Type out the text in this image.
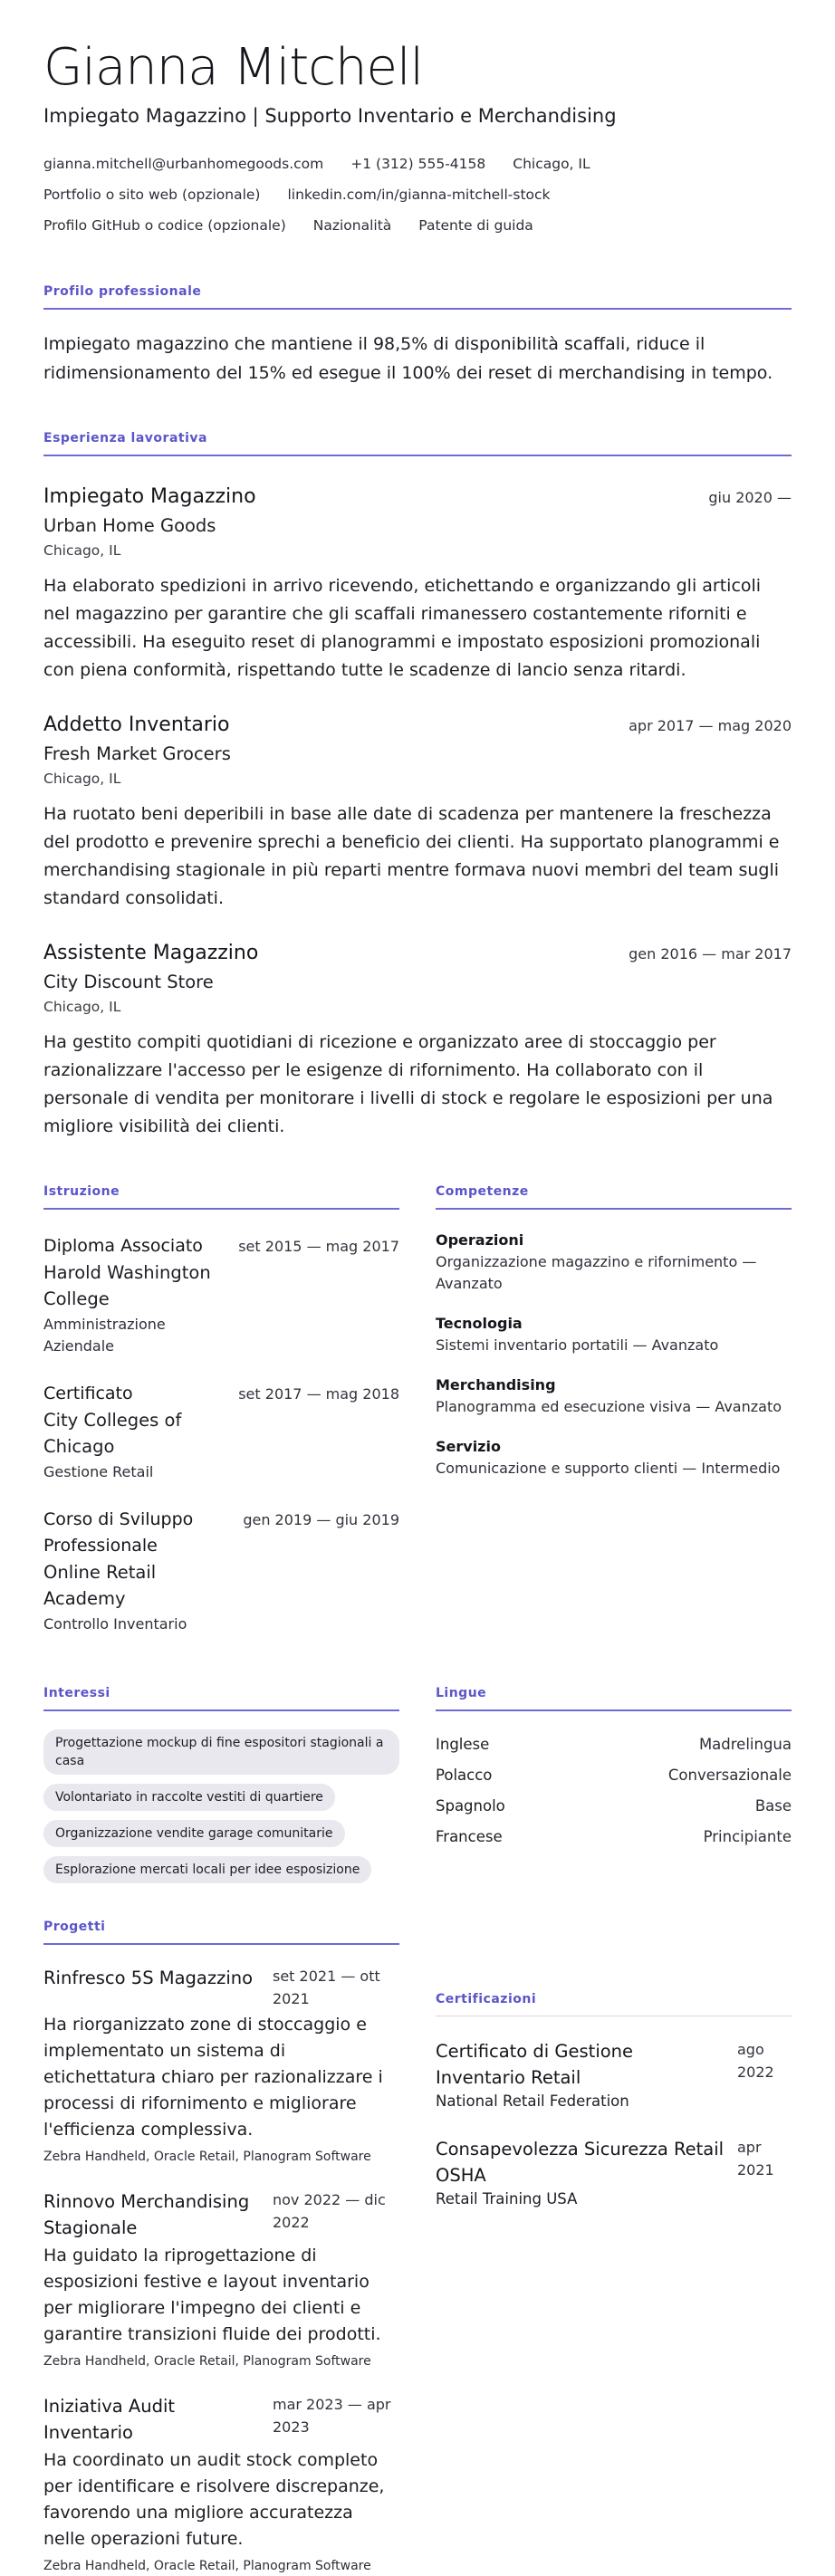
Gianna Mitchell
Impiegato Magazzino | Supporto Inventario e Merchandising
gianna.mitchell@urbanhomegoods.com +1 (312) 555-4158 Chicago, IL
Portfolio o sito web (opzionale) linkedin.com/in/gianna-mitchell-stock
Profilo GitHub o codice (opzionale) Nazionalità Patente di guida
Profilo professionale

Impiegato magazzino che mantiene il 98,5% di disponibilità scaffali, riduce il ridimensionamento del 15% ed esegue il 100% dei reset di merchandising in tempo.

Esperienza lavorativa
Impiegato Magazzino	giu 2020 —
Urban Home Goods
Chicago, IL

Ha elaborato spedizioni in arrivo ricevendo, etichettando e organizzando gli articoli nel magazzino per garantire che gli scaffali rimanessero costantemente riforniti e accessibili. Ha eseguito reset di planogrammi e impostato esposizioni promozionali con piena conformità, rispettando tutte le scadenze di lancio senza ritardi.

Addetto Inventario	apr 2017 — mag 2020
Fresh Market Grocers
Chicago, IL

Ha ruotato beni deperibili in base alle date di scadenza per mantenere la freschezza del prodotto e prevenire sprechi a beneficio dei clienti. Ha supportato planogrammi e merchandising stagionale in più reparti mentre formava nuovi membri del team sugli standard consolidati.

Assistente Magazzino	gen 2016 — mar 2017
City Discount Store
Chicago, IL

Ha gestito compiti quotidiani di ricezione e organizzato aree di stoccaggio per razionalizzare l'accesso per le esigenze di rifornimento. Ha collaborato con il personale di vendita per monitorare i livelli di stock e regolare le esposizioni per una migliore visibilità dei clienti.

Istruzione
Diploma Associato	set 2015 — mag 2017
Harold Washington College
Amministrazione Aziendale
Certificato	set 2017 — mag 2018
City Colleges of Chicago
Gestione Retail
Corso di Sviluppo Professionale
gen 2019 — giu 2019
Online Retail Academy
Controllo Inventario
Competenze
Operazioni
Organizzazione magazzino e rifornimento — Avanzato
Tecnologia
Sistemi inventario portatili — Avanzato
Merchandising
Planogramma ed esecuzione visiva — Avanzato
Servizio
Comunicazione e supporto clienti — Intermedio
Interessi
Progettazione mockup di fine espositori stagionali a casa
Volontariato in raccolte vestiti di quartiere
Organizzazione vendite garage comunitarie
Esplorazione mercati locali per idee esposizione
Lingue
Inglese	Madrelingua
Polacco	Conversazionale
Spagnolo	Base
Francese	Principiante
Progetti
Rinfresco 5S Magazzino	set 2021 — ott 2021

Ha riorganizzato zone di stoccaggio e implementato un sistema di etichettatura chiaro per razionalizzare i processi di rifornimento e migliorare l'efficienza complessiva.

Zebra Handheld, Oracle Retail, Planogram Software
Rinnovo Merchandising Stagionale
nov 2022 — dic 2022

Ha guidato la riprogettazione di esposizioni festive e layout inventario per migliorare l'impegno dei clienti e garantire transizioni fluide dei prodotti.

Zebra Handheld, Oracle Retail, Planogram Software
Iniziativa Audit Inventario
mar 2023 — apr 2023

Ha coordinato un audit stock completo per identificare e risolvere discrepanze, favorendo una migliore accuratezza nelle operazioni future.

Zebra Handheld, Oracle Retail, Planogram Software
Certificazioni
Certificato di Gestione Inventario Retail
ago 2022
National Retail Federation
Consapevolezza Sicurezza Retail OSHA
apr 2021
Retail Training USA
